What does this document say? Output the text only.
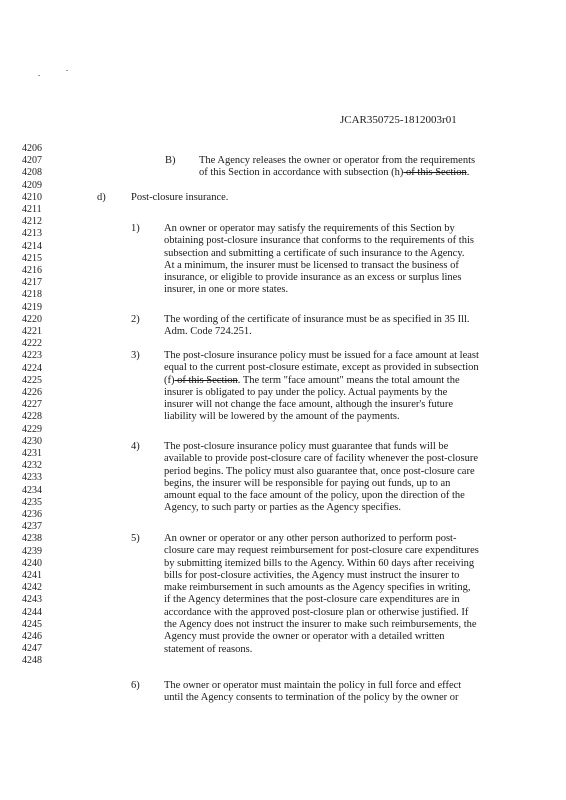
JCAR350725-1812003r01
4206
4207
4208
4209
4210
4211
4212
4213
4214
4215
4216
4217
4218
4219
4220
4221
4222
4223
4224
4225
4226
4227
4228
4229
4230
4231
4232
4233
4234
4235
4236
4237
4238
4239
4240
4241
4242
4243
4244
4245
4246
4247
4248
B) The Agency releases the owner or operator from the requirements
of this Section in accordance with subsection (h) of this Section.
d) Post-closure insurance.
1) An owner or operator may satisfy the requirements of this Section by
obtaining post-closure insurance that conforms to the requirements of this
subsection and submitting a certificate of such insurance to the Agency.
At a minimum, the insurer must be licensed to transact the business of
insurance, or eligible to provide insurance as an excess or surplus lines
insurer, in one or more states.
2) The wording of the certificate of insurance must be as specified in 35 Ill.
Adm. Code 724.251.
3) The post-closure insurance policy must be issued for a face amount at least
equal to the current post-closure estimate, except as provided in subsection
(f) of this Section. The term "face amount" means the total amount the
insurer is obligated to pay under the policy. Actual payments by the
insurer will not change the face amount, although the insurer's future
liability will be lowered by the amount of the payments.
4) The post-closure insurance policy must guarantee that funds will be
available to provide post-closure care of facility whenever the post-closure
period begins. The policy must also guarantee that, once post-closure care
begins, the insurer will be responsible for paying out funds, up to an
amount equal to the face amount of the policy, upon the direction of the
Agency, to such party or parties as the Agency specifies.
5) An owner or operator or any other person authorized to perform post-
closure care may request reimbursement for post-closure care expenditures
by submitting itemized bills to the Agency. Within 60 days after receiving
bills for post-closure activities, the Agency must instruct the insurer to
make reimbursement in such amounts as the Agency specifies in writing,
if the Agency determines that the post-closure care expenditures are in
accordance with the approved post-closure plan or otherwise justified. If
the Agency does not instruct the insurer to make such reimbursements, the
Agency must provide the owner or operator with a detailed written
statement of reasons.
6) The owner or operator must maintain the policy in full force and effect
until the Agency consents to termination of the policy by the owner or
